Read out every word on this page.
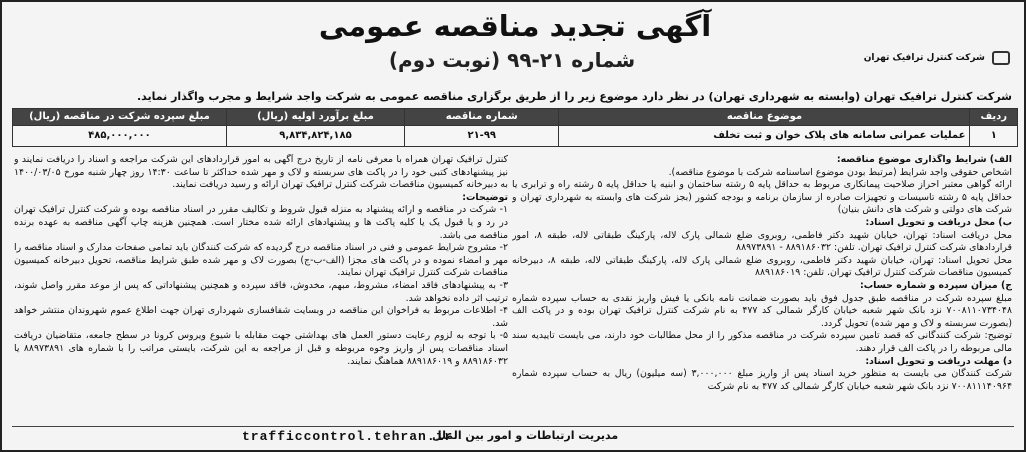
آگهی تجدید مناقصه عمومی
شماره ۲۱-۹۹ (نوبت دوم)	شرکت کنترل ترافیک تهران
شرکت کنترل ترافیک تهران (وابسته به شهرداری تهران) در نظر دارد موضوع زیر را از طریق برگزاری مناقصه عمومی به شرکت واجد شرایط و مجرب واگذار نماید.
ردیف	موضوع مناقصه	شماره مناقصه	مبلغ برآورد اولیه (ریال)	مبلغ سپرده شرکت در مناقصه (ریال)
۱	عملیات عمرانی سامانه های پلاک خوان و ثبت تخلف	۲۱-۹۹	۹,۸۳۴,۸۲۴,۱۸۵	۴۸۵,۰۰۰,۰۰۰

الف) شرایط واگذاری موضوع مناقصه:

اشخاص حقوقی واجد شرایط (مرتبط بودن موضوع اساسنامه شرکت با موضوع مناقصه).

ارائه گواهی معتبر احراز صلاحیت پیمانکاری مربوط به حداقل پایه ۵ رشته ساختمان و ابنیه یا حداقل پایه ۵ رشته راه و ترابری یا حداقل پایه ۵ رشته تاسیسات و تجهیزات صادره از سازمان برنامه و بودجه کشور (بجز شرکت های وابسته به شهرداری تهران و شرکت های دولتی و شرکت های دانش بنیان)

ب) محل دریافت و تحویل اسناد:

محل دریافت اسناد: تهران، خیابان شهید دکتر فاطمی، روبروی ضلع شمالی پارک لاله، پارکینگ طبقاتی لاله، طبقه ۸، امور قراردادهای شرکت کنترل ترافیک تهران. تلفن: ۸۸۹۱۸۶۰۳۲ - ۸۸۹۷۳۸۹۱

محل تحویل اسناد: تهران، خیابان شهید دکتر فاطمی، روبروی ضلع شمالی پارک لاله، پارکینگ طبقاتی لاله، طبقه ۸، دبیرخانه کمیسیون مناقصات شرکت کنترل ترافیک تهران. تلفن: ۸۸۹۱۸۶۰۱۹

ج) میزان سپرده و شماره حساب:

مبلغ سپرده شرکت در مناقصه طبق جدول فوق باید بصورت ضمانت نامه بانکی یا فیش واریز نقدی به حساب سپرده شماره ۷۰۰۸۱۱۰۷۳۴۰۴۸ نزد بانک شهر شعبه خیابان کارگر شمالی کد ۴۷۷ به نام شرکت کنترل ترافیک تهران بوده و در پاکت الف (بصورت سربسته و لاک و مهر شده) تحویل گردد.

توضیح: شرکت کنندگانی که قصد تامین سپرده شرکت در مناقصه مذکور را از محل مطالبات خود دارند، می بایست تاییدیه سند مالی مربوطه را در پاکت الف قرار دهند.

د) مهلت دریافت و تحویل اسناد:

شرکت کنندگان می بایست به منظور خرید اسناد پس از واریز مبلغ ۳,۰۰۰,۰۰۰ (سه میلیون) ریال به حساب سپرده شماره ۷۰۰۸۱۱۱۴۰۹۶۴ نزد بانک شهر شعبه خیابان کارگر شمالی کد ۴۷۷ به نام شرکت

کنترل ترافیک تهران همراه با معرفی نامه از تاریخ درج آگهی به امور قراردادهای این شرکت مراجعه و اسناد را دریافت نمایند و نیز پیشنهادهای کتبی خود را در پاکت های سربسته و لاک و مهر شده حداکثر تا ساعت ۱۴:۳۰ روز چهار شنبه مورخ ۱۴۰۰/۰۳/۰۵ به دبیرخانه کمیسیون مناقصات شرکت کنترل ترافیک تهران ارائه و رسید دریافت نمایند.

توضیحات:

۱- شرکت در مناقصه و ارائه پیشنهاد به منزله قبول شروط و تکالیف مقرر در اسناد مناقصه بوده و شرکت کنترل ترافیک تهران در رد و یا قبول یک یا کلیه پاکت ها و پیشنهادهای ارائه شده مختار است. همچنین هزینه چاپ آگهی مناقصه به عهده برنده مناقصه می باشد.

۲- مشروح شرایط عمومی و فنی در اسناد مناقصه درج گردیده که شرکت کنندگان باید تمامی صفحات مدارک و اسناد مناقصه را مهر و امضاء نموده و در پاکت های مجزا (الف-ب-ج) بصورت لاک و مهر شده طبق شرایط مناقصه، تحویل دبیرخانه کمیسیون مناقصات شرکت کنترل ترافیک تهران نمایند.

۳- به پیشنهادهای فاقد امضاء، مشروط، مبهم، مخدوش، فاقد سپرده و همچنین پیشنهاداتی که پس از موعد مقرر واصل شوند، ترتیب اثر داده نخواهد شد.

۴- اطلاعات مربوط به فراخوان این مناقصه در وبسایت شفافسازی شهرداری تهران جهت اطلاع عموم شهروندان منتشر خواهد شد.

۵- با توجه به لزوم رعایت دستور العمل های بهداشتی جهت مقابله با شیوع ویروس کرونا در سطح جامعه، متقاضیان دریافت اسناد مناقصات پس از واریز وجوه مربوطه و قبل از مراجعه به این شرکت، بایستی مراتب را با شماره های ۸۸۹۷۳۸۹۱ یا ۸۸۹۱۸۶۰۳۲ و ۸۸۹۱۸۶۰۱۹ هماهنگ نمایند.

trafficcontrol.tehran.ir
مدیریت ارتباطات و امور بین الملل
